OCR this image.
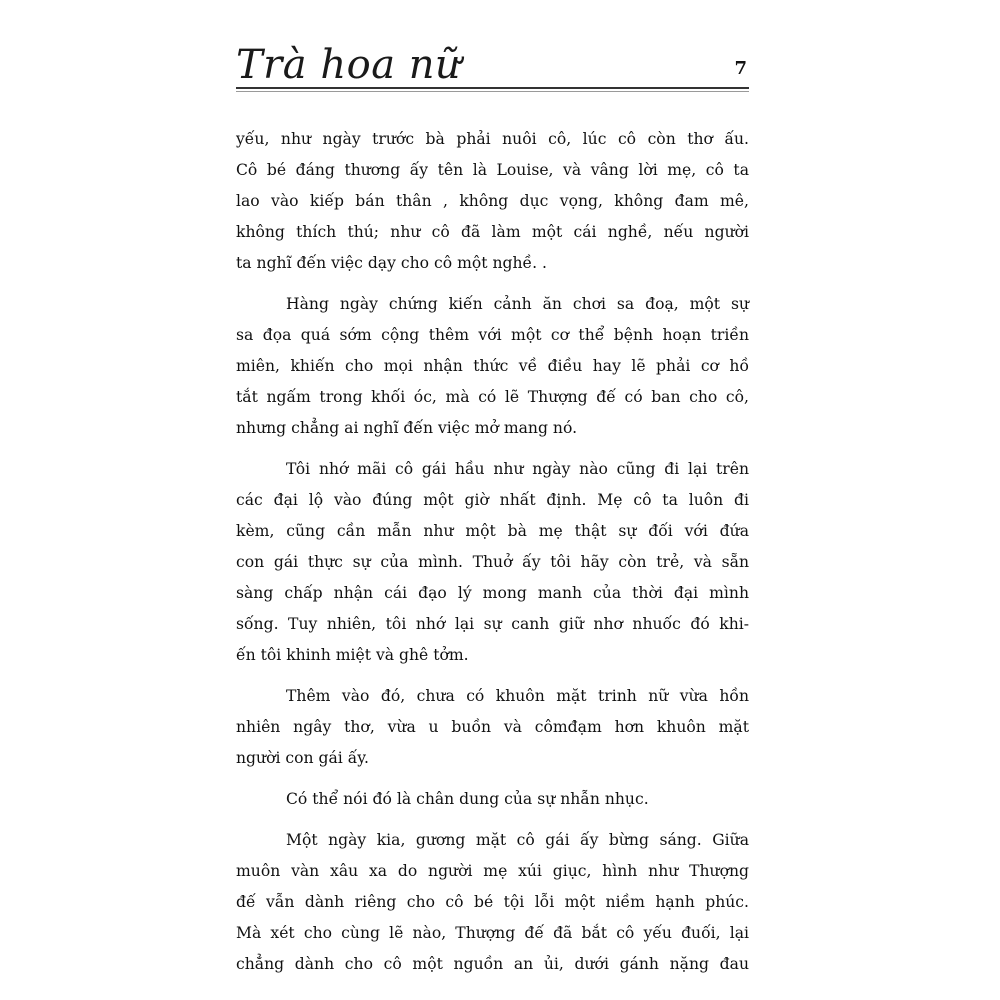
Trà hoa nữ	7
yếu, như ngày trước bà phải nuôi cô, lúc cô còn thơ ấu.
Cô bé đáng thương ấy tên là Louise, và vâng lời mẹ, cô ta
lao vào kiếp bán thân , không dục vọng, không đam mê,
không thích thú; như cô đã làm một cái nghề, nếu người
ta nghĩ đến việc dạy cho cô một nghề. .
Hàng ngày chứng kiến cảnh ăn chơi sa đoạ, một sự
sa đọa quá sớm cộng thêm với một cơ thể bệnh hoạn triền
miên, khiến cho mọi nhận thức về điều hay lẽ phải cơ hồ
tắt ngấm trong khối óc, mà có lẽ Thượng đế có ban cho cô,
nhưng chẳng ai nghĩ đến việc mở mang nó.
Tôi nhớ mãi cô gái hầu như ngày nào cũng đi lại trên
các đại lộ vào đúng một giờ nhất định. Mẹ cô ta luôn đi
kèm, cũng cần mẫn như một bà mẹ thật sự đối với đứa
con gái thực sự của mình. Thuở ấy tôi hãy còn trẻ, và sẵn
sàng chấp nhận cái đạo lý mong manh của thời đại mình
sống. Tuy nhiên, tôi nhớ lại sự canh giữ nhơ nhuốc đó khi-
ến tôi khinh miệt và ghê tởm.
Thêm vào đó, chưa có khuôn mặt trinh nữ vừa hồn
nhiên ngây thơ, vừa u buồn và cômđạm hơn khuôn mặt
người con gái ấy.
Có thể nói đó là chân dung của sự nhẫn nhục.
Một ngày kia, gương mặt cô gái ấy bừng sáng. Giữa
muôn vàn xâu xa do người mẹ xúi giục, hình như Thượng
đế vẫn dành riêng cho cô bé tội lỗi một niềm hạnh phúc.
Mà xét cho cùng lẽ nào, Thượng đế đã bắt cô yếu đuối, lại
chẳng dành cho cô một nguồn an ủi, dưới gánh nặng đau
